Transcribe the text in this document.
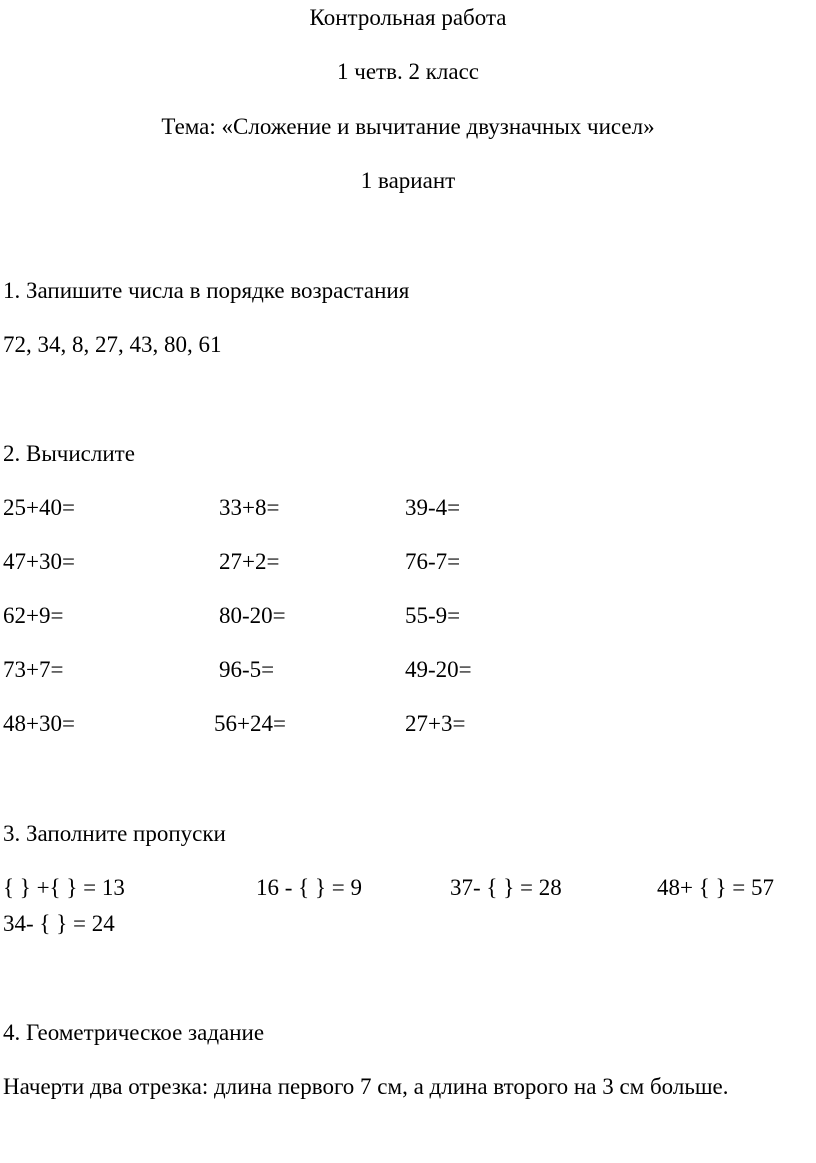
Контрольная работа
1 четв. 2 класс
Тема: «Сложение и вычитание двузначных чисел»
1 вариант
1. Запишите числа в порядке возрастания
72, 34, 8, 27, 43, 80, 61
2. Вычислите
25+40=	33+8=	39-4=
47+30=	27+2=	76-7=
62+9=	80-20=	55-9=
73+7=	96-5=	49-20=
48+30=	56+24=	27+3=
3. Заполните пропуски
{ } +{ } = 13	16 - { } = 9	37- { } = 28	48+ { } = 57
34- { } = 24
4. Геометрическое задание
Начерти два отрезка: длина первого 7 см, а длина второго на 3 см больше.
